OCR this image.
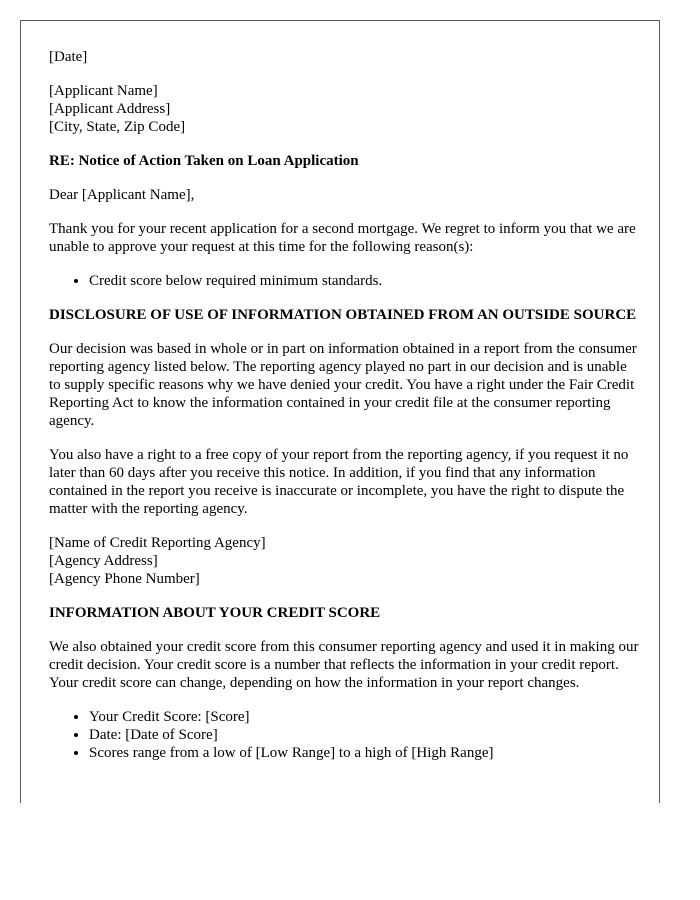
[Date]

[Applicant Name]
[Applicant Address]
[City, State, Zip Code]
RE: Notice of Action Taken on Loan Application

Dear [Applicant Name],

Thank you for your recent application for a second mortgage. We regret to inform you that we are unable to approve your request at this time for the following reason(s):

• Credit score below required minimum standards.
DISCLOSURE OF USE OF INFORMATION OBTAINED FROM AN OUTSIDE SOURCE

Our decision was based in whole or in part on information obtained in a report from the consumer reporting agency listed below. The reporting agency played no part in our decision and is unable to supply specific reasons why we have denied your credit. You have a right under the Fair Credit Reporting Act to know the information contained in your credit file at the consumer reporting agency.

You also have a right to a free copy of your report from the reporting agency, if you request it no later than 60 days after you receive this notice. In addition, if you find that any information contained in the report you receive is inaccurate or incomplete, you have the right to dispute the matter with the reporting agency.

[Name of Credit Reporting Agency]
[Agency Address]
[Agency Phone Number]
INFORMATION ABOUT YOUR CREDIT SCORE

We also obtained your credit score from this consumer reporting agency and used it in making our credit decision. Your credit score is a number that reflects the information in your credit report. Your credit score can change, depending on how the information in your report changes.

• Your Credit Score: [Score]
• Date: [Date of Score]
• Scores range from a low of [Low Range] to a high of [High Range]
